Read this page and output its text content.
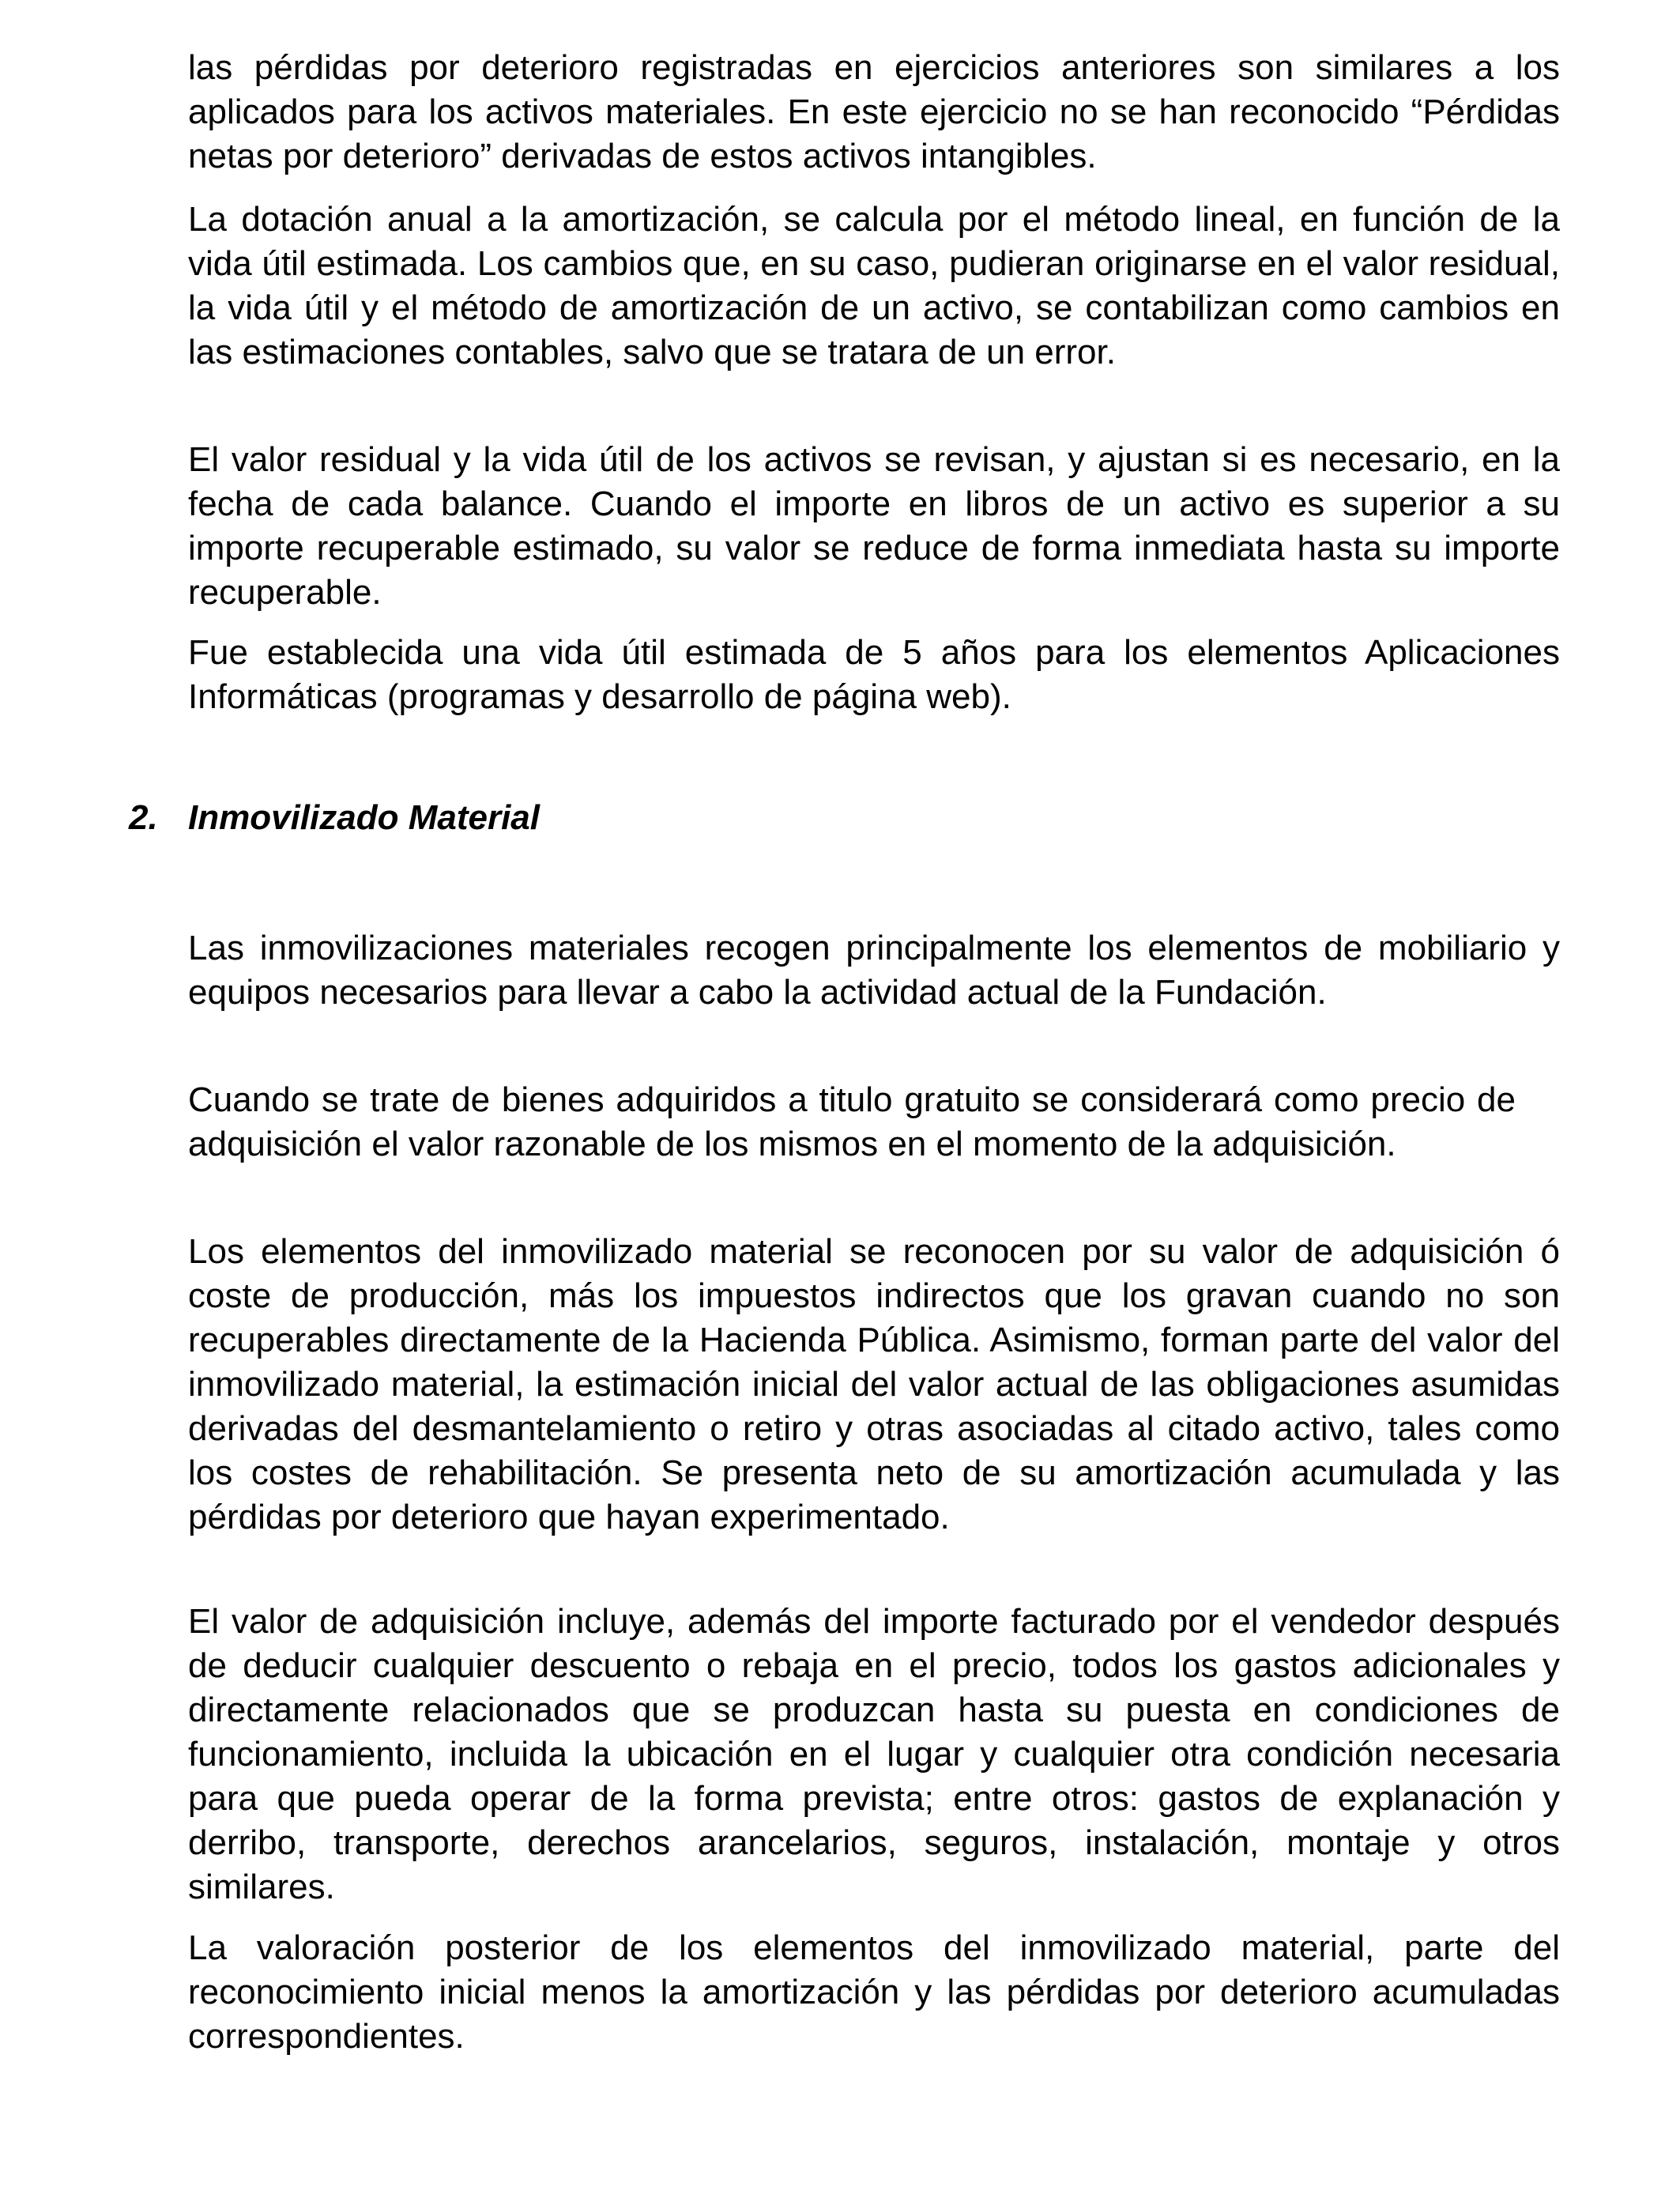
las pérdidas por deterioro registradas en ejercicios anteriores son similares a los aplicados para los activos materiales. En este ejercicio no se han reconocido “Pérdidas netas por deterioro” derivadas de estos activos intangibles.

La dotación anual a la amortización, se calcula por el método lineal, en función de la vida útil estimada. Los cambios que, en su caso, pudieran originarse en el valor residual, la vida útil y el método de amortización de un activo, se contabilizan como cambios en las estimaciones contables, salvo que se tratara de un error.

El valor residual y la vida útil de los activos se revisan, y ajustan si es necesario, en la fecha de cada balance. Cuando el importe en libros de un activo es superior a su importe recuperable estimado, su valor se reduce de forma inmediata hasta su importe recuperable.

Fue establecida una vida útil estimada de 5 años para los elementos Aplicaciones Informáticas (programas y desarrollo de página web).

2. Inmovilizado Material

Las inmovilizaciones materiales recogen principalmente los elementos de mobiliario y equipos necesarios para llevar a cabo la actividad actual de la Fundación.

Cuando se trate de bienes adquiridos a titulo gratuito se considerará como precio de adquisición el valor razonable de los mismos en el momento de la adquisición.

Los elementos del inmovilizado material se reconocen por su valor de adquisición ó coste de producción, más los impuestos indirectos que los gravan cuando no son recuperables directamente de la Hacienda Pública. Asimismo, forman parte del valor del inmovilizado material, la estimación inicial del valor actual de las obligaciones asumidas derivadas del desmantelamiento o retiro y otras asociadas al citado activo, tales como los costes de rehabilitación. Se presenta neto de su amortización acumulada y las pérdidas por deterioro que hayan experimentado.

El valor de adquisición incluye, además del importe facturado por el vendedor después de deducir cualquier descuento o rebaja en el precio, todos los gastos adicionales y directamente relacionados que se produzcan hasta su puesta en condiciones de funcionamiento, incluida la ubicación en el lugar y cualquier otra condición necesaria para que pueda operar de la forma prevista; entre otros: gastos de explanación y derribo, transporte, derechos arancelarios, seguros, instalación, montaje y otros similares.

La valoración posterior de los elementos del inmovilizado material, parte del reconocimiento inicial menos la amortización y las pérdidas por deterioro acumuladas correspondientes.
